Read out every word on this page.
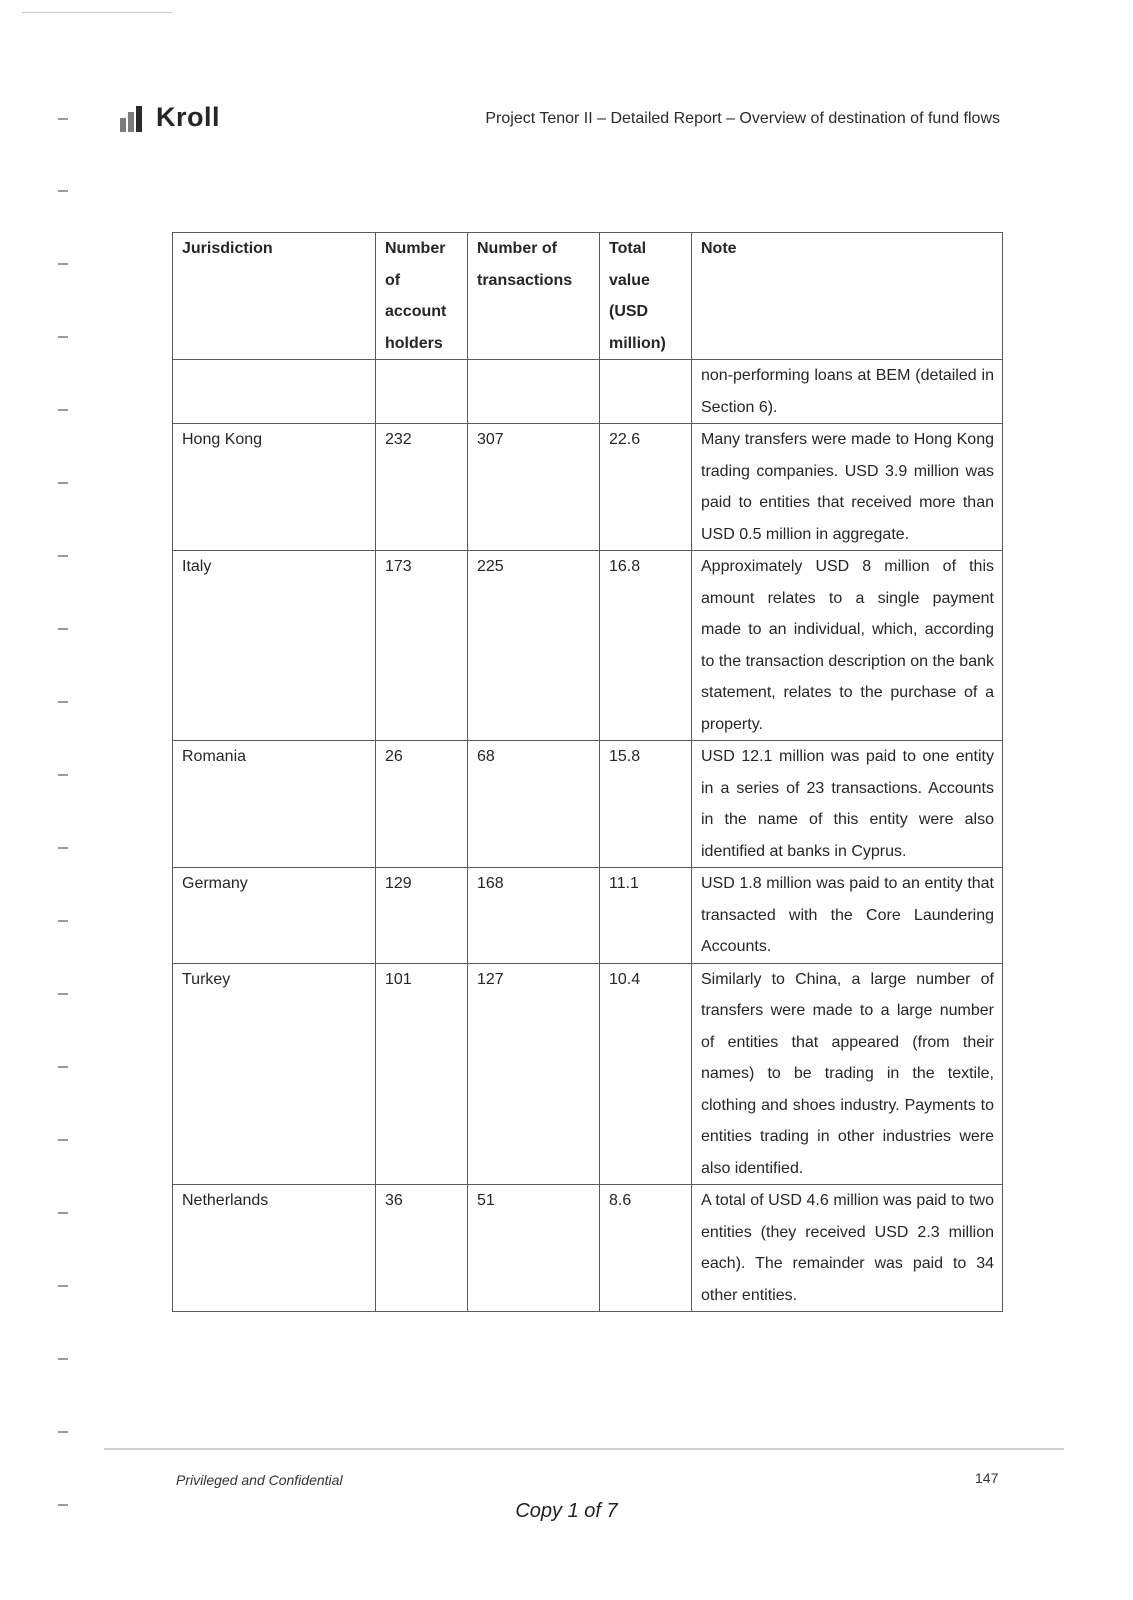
Kroll	Project Tenor II – Detailed Report – Overview of destination of fund flows
Jurisdiction	Number of account holders	Number of transactions	Total value (USD million)	Note
				non-performing loans at BEM (detailed in Section 6).
Hong Kong	232	307	22.6	Many transfers were made to Hong Kong trading companies. USD 3.9 million was paid to entities that received more than USD 0.5 million in aggregate.
Italy	173	225	16.8	Approximately USD 8 million of this amount relates to a single payment made to an individual, which, according to the transaction description on the bank statement, relates to the purchase of a property.
Romania	26	68	15.8	USD 12.1 million was paid to one entity in a series of 23 transactions. Accounts in the name of this entity were also identified at banks in Cyprus.
Germany	129	168	11.1	USD 1.8 million was paid to an entity that transacted with the Core Laundering Accounts.
Turkey	101	127	10.4	Similarly to China, a large number of transfers were made to a large number of entities that appeared (from their names) to be trading in the textile, clothing and shoes industry. Payments to entities trading in other industries were also identified.
Netherlands	36	51	8.6	A total of USD 4.6 million was paid to two entities (they received USD 2.3 million each). The remainder was paid to 34 other entities.
Privileged and Confidential	147
Copy 1 of 7
